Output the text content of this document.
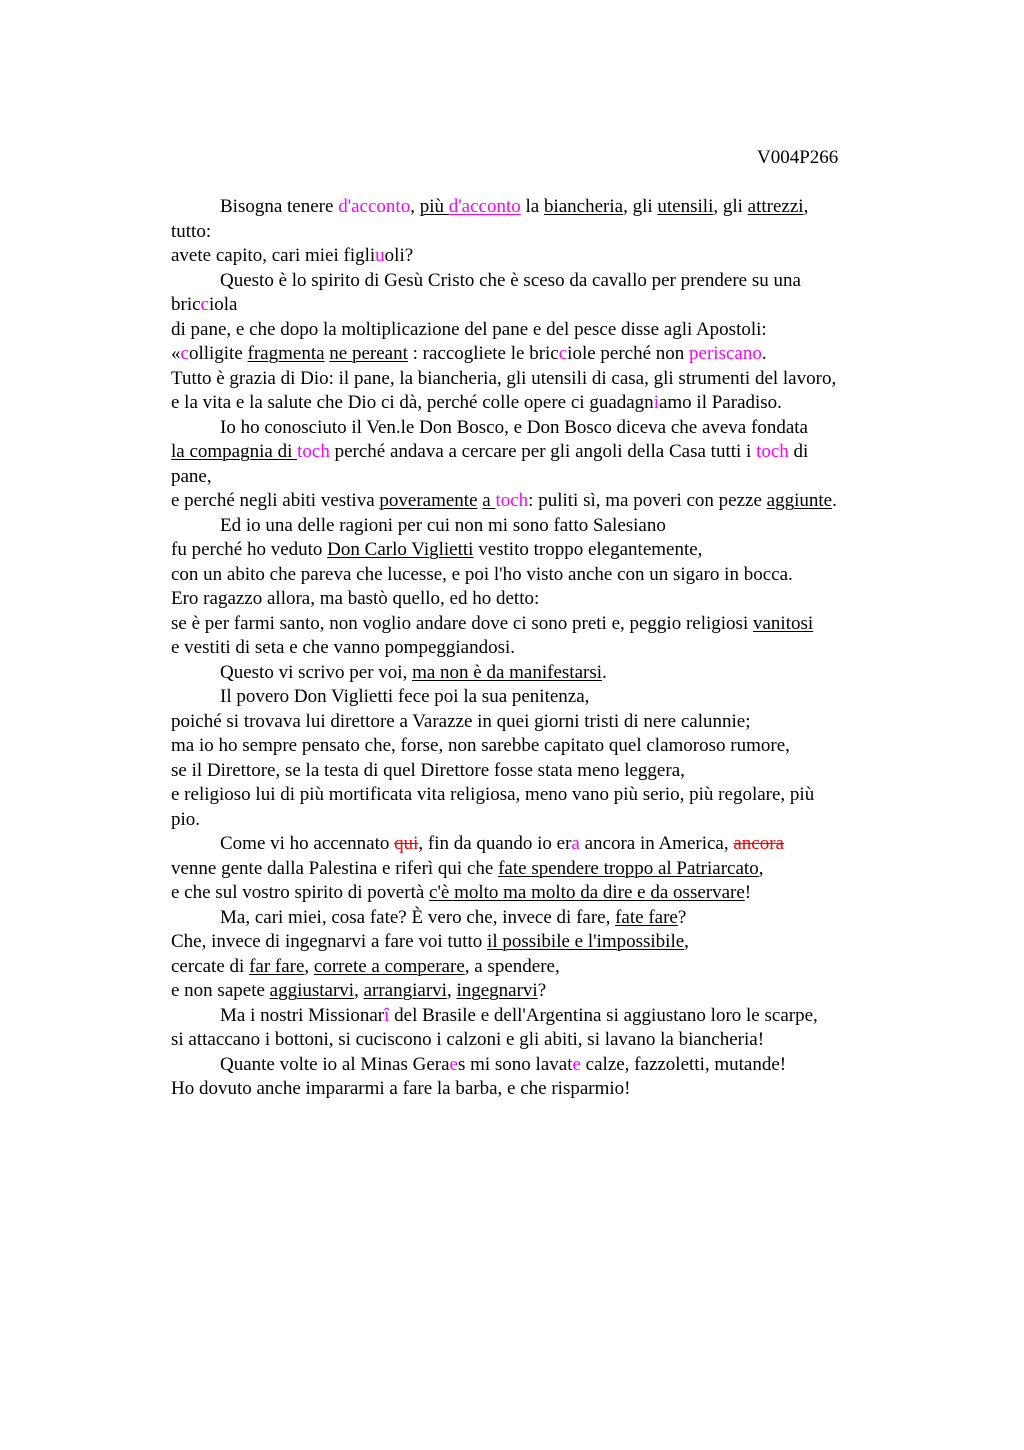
V004P266
Bisogna tenere d'acconto, più d'acconto la biancheria, gli utensili, gli attrezzi,
tutto:
avete capito, cari miei figliuoli?
Questo è lo spirito di Gesù Cristo che è sceso da cavallo per prendere su una
bricciola
di pane, e che dopo la moltiplicazione del pane e del pesce disse agli Apostoli:
«colligite fragmenta ne pereant : raccogliete le bricciole perché non periscano.
Tutto è grazia di Dio: il pane, la biancheria, gli utensili di casa, gli strumenti del lavoro,
e la vita e la salute che Dio ci dà, perché colle opere ci guadagniamo il Paradiso.
Io ho conosciuto il Ven.le Don Bosco, e Don Bosco diceva che aveva fondata
la compagnia di toch perché andava a cercare per gli angoli della Casa tutti i toch di
pane,
e perché negli abiti vestiva poveramente a toch: puliti sì, ma poveri con pezze aggiunte.
Ed io una delle ragioni per cui non mi sono fatto Salesiano
fu perché ho veduto Don Carlo Viglietti vestito troppo elegantemente,
con un abito che pareva che lucesse, e poi l'ho visto anche con un sigaro in bocca.
Ero ragazzo allora, ma bastò quello, ed ho detto:
se è per farmi santo, non voglio andare dove ci sono preti e, peggio religiosi vanitosi
e vestiti di seta e che vanno pompeggiandosi.
Questo vi scrivo per voi, ma non è da manifestarsi.
Il povero Don Viglietti fece poi la sua penitenza,
poiché si trovava lui direttore a Varazze in quei giorni tristi di nere calunnie;
ma io ho sempre pensato che, forse, non sarebbe capitato quel clamoroso rumore,
se il Direttore, se la testa di quel Direttore fosse stata meno leggera,
e religioso lui di più mortificata vita religiosa, meno vano più serio, più regolare, più
pio.
Come vi ho accennato qui, fin da quando io era ancora in America, ancora
venne gente dalla Palestina e riferì qui che fate spendere troppo al Patriarcato,
e che sul vostro spirito di povertà c'è molto ma molto da dire e da osservare!
Ma, cari miei, cosa fate? È vero che, invece di fare, fate fare?
Che, invece di ingegnarvi a fare voi tutto il possibile e l'impossibile,
cercate di far fare, correte a comperare, a spendere,
e non sapete aggiustarvi, arrangiarvi, ingegnarvi?
Ma i nostri Missionarî del Brasile e dell'Argentina si aggiustano loro le scarpe,
si attaccano i bottoni, si cuciscono i calzoni e gli abiti, si lavano la biancheria!
Quante volte io al Minas Geraes mi sono lavate calze, fazzoletti, mutande!
Ho dovuto anche impararmi a fare la barba, e che risparmio!
